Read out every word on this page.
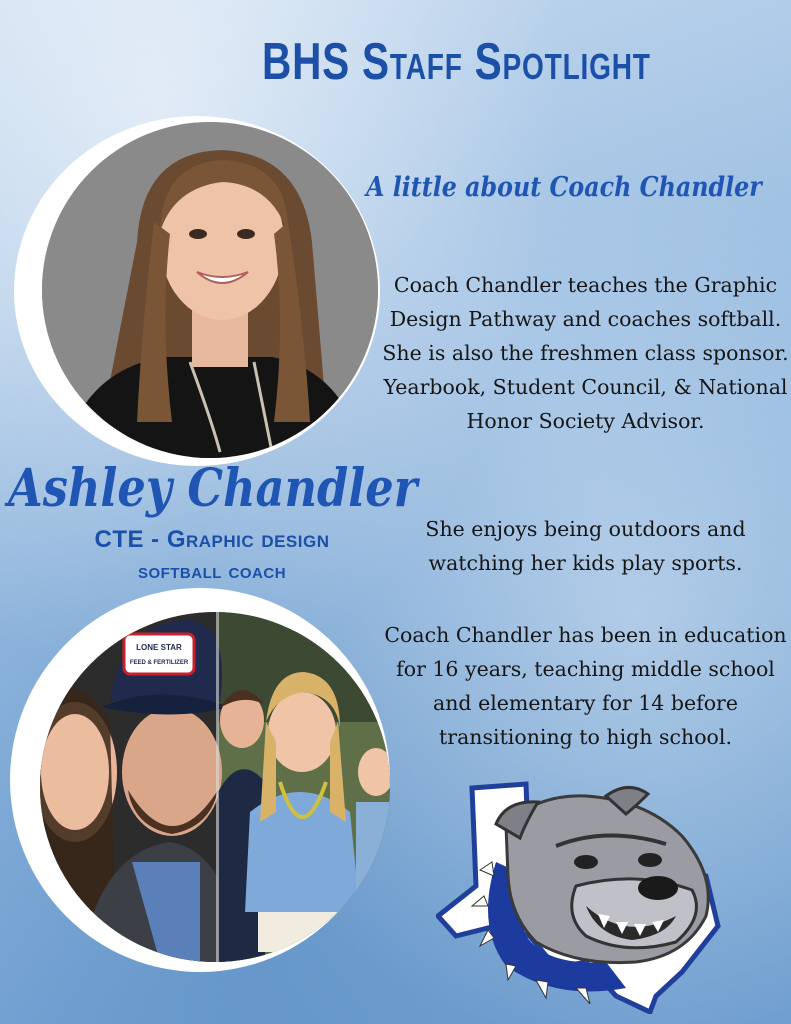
BHS Staff Spotlight
A little about Coach Chandler
Ashley Chandler
CTE - Graphic design
softball coach
LONE STAR
FEED & FERTILIZER
Coach Chandler teaches the Graphic Design Pathway and coaches softball. She is also the freshmen class sponsor. Yearbook, Student Council, & National Honor Society Advisor.
She enjoys being outdoors and watching her kids play sports.
Coach Chandler has been in education for 16 years, teaching middle school and elementary for 14 before transitioning to high school.
